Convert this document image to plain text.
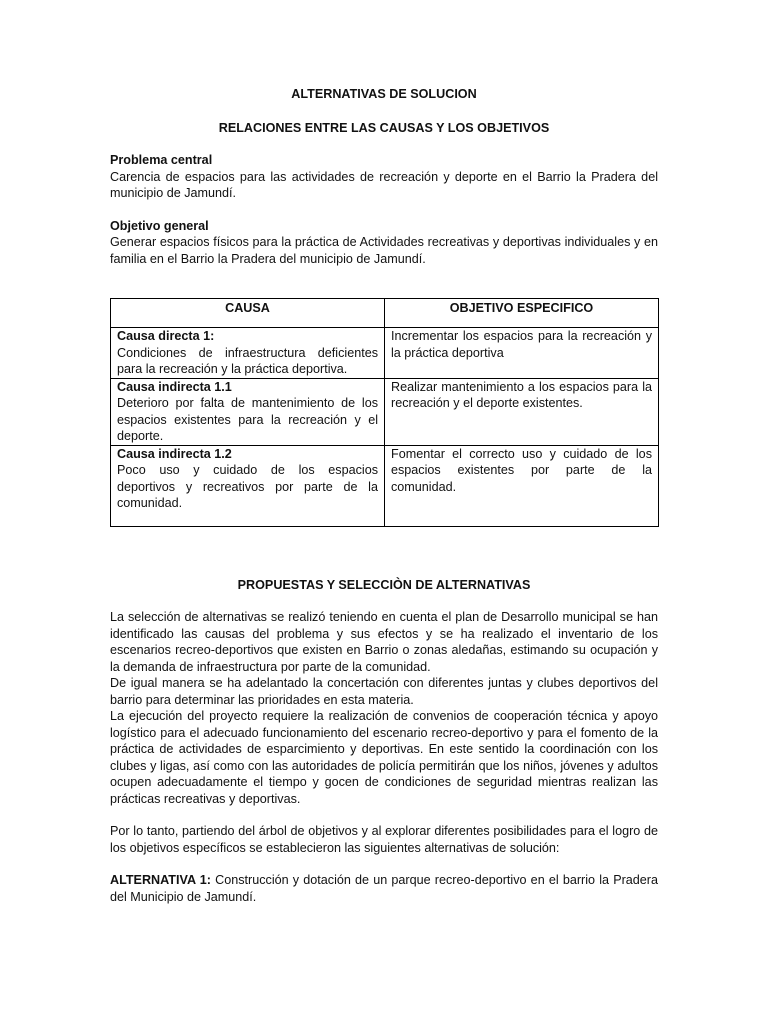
ALTERNATIVAS DE SOLUCION

RELACIONES ENTRE LAS CAUSAS Y LOS OBJETIVOS

Problema central

Carencia de espacios para las actividades de recreación y deporte en el Barrio la Pradera del municipio de Jamundí.

Objetivo general

Generar espacios físicos para la práctica de Actividades recreativas y deportivas individuales y en familia en el Barrio la Pradera del municipio de Jamundí.

CAUSA	OBJETIVO ESPECIFICO

Causa directa 1:
Condiciones de infraestructura deficientes para la recreación y la práctica deportiva.	Incrementar los espacios para la recreación y la práctica deportiva

Causa indirecta 1.1
Deterioro por falta de mantenimiento de los espacios existentes para la recreación y el deporte.	Realizar mantenimiento a los espacios para la recreación y el deporte existentes.

Causa indirecta 1.2
Poco uso y cuidado de los espacios deportivos y recreativos por parte de la comunidad.	Fomentar el correcto uso y cuidado de los espacios existentes por parte de la comunidad.

PROPUESTAS Y SELECCIÒN DE ALTERNATIVAS

La selección de alternativas se realizó teniendo en cuenta el plan de Desarrollo municipal se han identificado las causas del problema y sus efectos y se ha realizado el inventario de los escenarios recreo-deportivos que existen en Barrio o zonas aledañas, estimando su ocupación y la demanda de infraestructura por parte de la comunidad.

De igual manera se ha adelantado la concertación con diferentes juntas y clubes deportivos del barrio para determinar las prioridades en esta materia.

La ejecución del proyecto requiere la realización de convenios de cooperación técnica y apoyo logístico para el adecuado funcionamiento del escenario recreo-deportivo y para el fomento de la práctica de actividades de esparcimiento y deportivas. En este sentido la coordinación con los clubes y ligas, así como con las autoridades de policía permitirán que los niños, jóvenes y adultos ocupen adecuadamente el tiempo y gocen de condiciones de seguridad mientras realizan las prácticas recreativas y deportivas.

Por lo tanto, partiendo del árbol de objetivos y al explorar diferentes posibilidades para el logro de los objetivos específicos se establecieron las siguientes alternativas de solución:

ALTERNATIVA 1: Construcción y dotación de un parque recreo-deportivo en el barrio la Pradera del Municipio de Jamundí.
